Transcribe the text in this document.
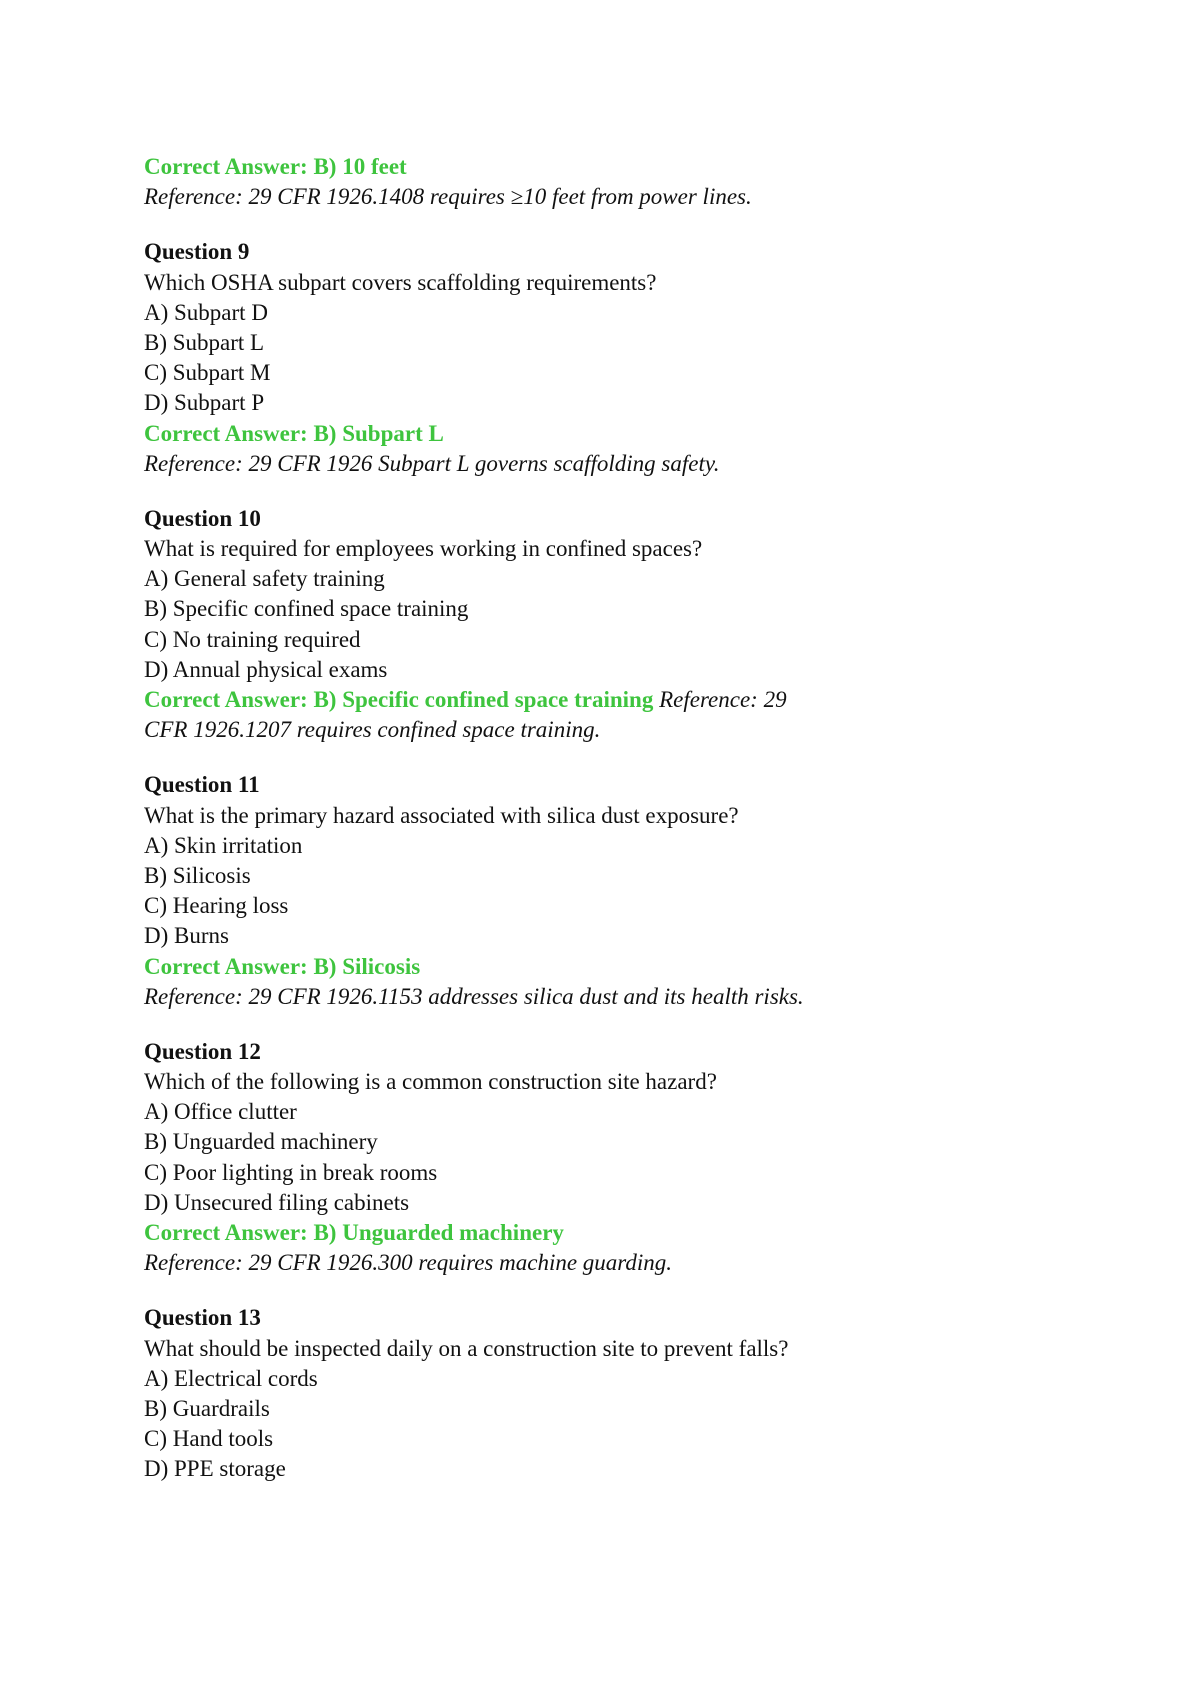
Correct Answer: B) 10 feet
Reference: 29 CFR 1926.1408 requires ≥10 feet from power lines.
Question 9
Which OSHA subpart covers scaffolding requirements?
A) Subpart D
B) Subpart L
C) Subpart M
D) Subpart P
Correct Answer: B) Subpart L
Reference: 29 CFR 1926 Subpart L governs scaffolding safety.
Question 10
What is required for employees working in confined spaces?
A) General safety training
B) Specific confined space training
C) No training required
D) Annual physical exams
Correct Answer: B) Specific confined space training Reference: 29 CFR 1926.1207 requires confined space training.
Question 11
What is the primary hazard associated with silica dust exposure?
A) Skin irritation
B) Silicosis
C) Hearing loss
D) Burns
Correct Answer: B) Silicosis
Reference: 29 CFR 1926.1153 addresses silica dust and its health risks.
Question 12
Which of the following is a common construction site hazard?
A) Office clutter
B) Unguarded machinery
C) Poor lighting in break rooms
D) Unsecured filing cabinets
Correct Answer: B) Unguarded machinery
Reference: 29 CFR 1926.300 requires machine guarding.
Question 13
What should be inspected daily on a construction site to prevent falls?
A) Electrical cords
B) Guardrails
C) Hand tools
D) PPE storage
